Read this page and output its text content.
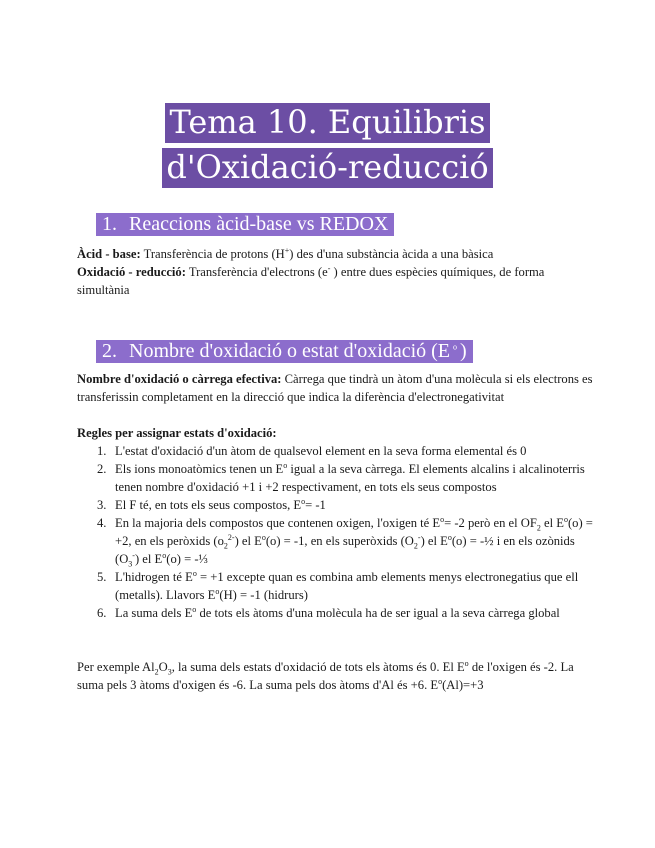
Tema 10. Equilibris
d'Oxidació-reducció
1. Reaccions àcid-base vs REDOX
Àcid - base: Transferència de protons (H+) des d'una substància àcida a una bàsica
Oxidació - reducció: Transferència d'electrons (e- ) entre dues espècies químiques, de forma simultània
2. Nombre d'oxidació o estat d'oxidació (E $^o$ )
Nombre d'oxidació o càrrega efectiva: Càrrega que tindrà un àtom d'una molècula si els electrons es transferissin completament en la direcció que indica la diferència d'electronegativitat
Regles per assignar estats d'oxidació:
1. L'estat d'oxidació d'un àtom de qualsevol element en la seva forma elemental és 0
2. Els ions monoatòmics tenen un $E^o$ igual a la seva càrrega. El elements alcalins i alcalinoterris tenen nombre d'oxidació +1 i +2 respectivament, en tots els seus compostos
3. El F té, en tots els seus compostos, $E^o= -1$
4. En la majoria dels compostos que contenen oxigen, l'oxigen té $E^o= -2$ però en el $OF_2$ el $E^o(o) = +2$, en els peròxids $(o_2^{2-})$ el $E^o(o) = -1$, en els superòxids $(O_2^-)$ el $E^o(o)$ = -½ i en els ozònids $(O_3^-)$ el $E^o(o)$ = -⅓
5. L'hidrogen té $E^o = +1$ excepte quan es combina amb elements menys electronegatius que ell (metalls). Llavors $E^o(H) = -1$ (hidrurs)
6. La suma dels $E^o$ de tots els àtoms d'una molècula ha de ser igual a la seva càrrega global
Per exemple $Al_2O_3$, la suma dels estats d'oxidació de tots els àtoms és 0. El $E^o$ de l'oxigen és -2. La suma pels 3 àtoms d'oxigen és -6. La suma pels dos àtoms d'Al és +6. $E^o(Al)=+3$
